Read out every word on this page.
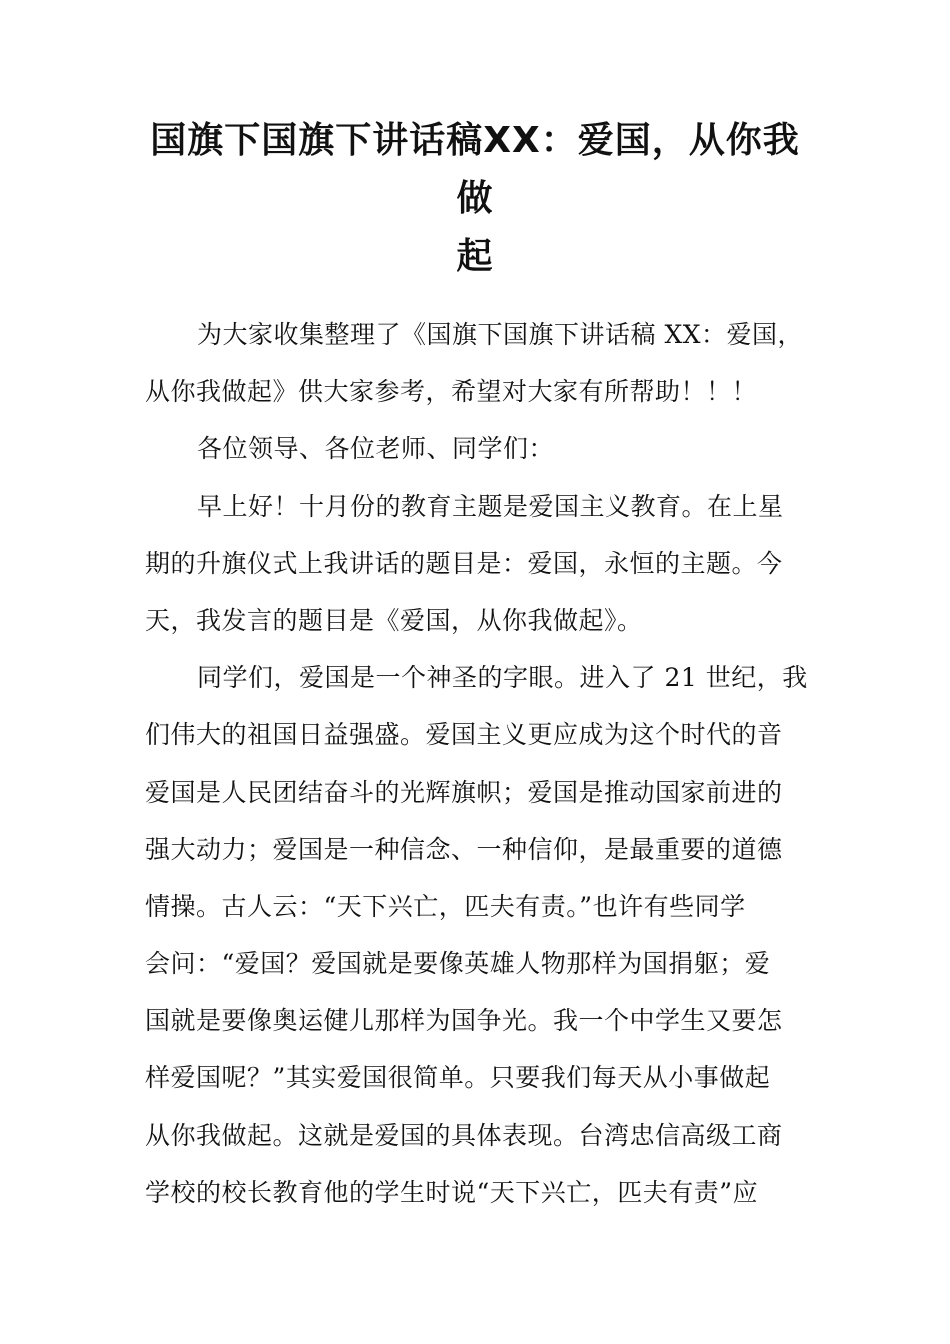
国旗下国旗下讲话稿XX：爱国，从你我做
起
为大家收集整理了《国旗下国旗下讲话稿 XX：爱国，
从你我做起》供大家参考，希望对大家有所帮助！！！
各位领导、各位老师、同学们：
早上好！十月份的教育主题是爱国主义教育。在上星
期的升旗仪式上我讲话的题目是：爱国，永恒的主题。今
天，我发言的题目是《爱国，从你我做起》。
同学们，爱国是一个神圣的字眼。进入了 21 世纪，我
们伟大的祖国日益强盛。爱国主义更应成为这个时代的音
爱国是人民团结奋斗的光辉旗帜；爱国是推动国家前进的
强大动力；爱国是一种信念、一种信仰，是最重要的道德
情操。古人云：“天下兴亡，匹夫有责。”也许有些同学
会问：“爱国？爱国就是要像英雄人物那样为国捐躯；爱
国就是要像奥运健儿那样为国争光。我一个中学生又要怎
样爱国呢？”其实爱国很简单。只要我们每天从小事做起
从你我做起。这就是爱国的具体表现。台湾忠信高级工商
学校的校长教育他的学生时说“天下兴亡，匹夫有责”应
